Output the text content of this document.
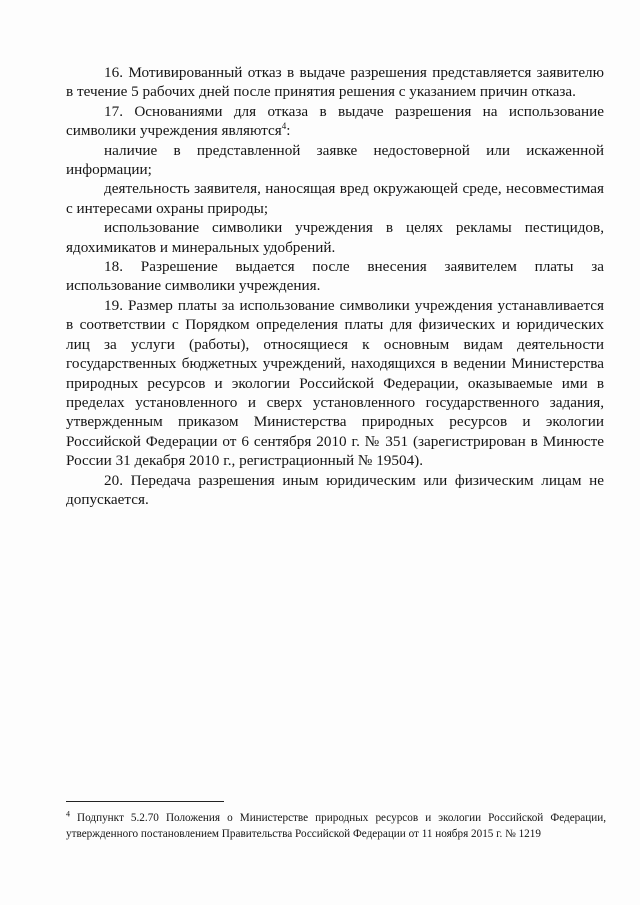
16. Мотивированный отказ в выдаче разрешения представляется заявителю в течение 5 рабочих дней после принятия решения с указанием причин отказа.

17. Основаниями для отказа в выдаче разрешения на использование символики учреждения являются$^4$:

наличие в представленной заявке недостоверной или искаженной информации;

деятельность заявителя, наносящая вред окружающей среде, несовместимая с интересами охраны природы;

использование символики учреждения в целях рекламы пестицидов, ядохимикатов и минеральных удобрений.

18. Разрешение выдается после внесения заявителем платы за использование символики учреждения.

19. Размер платы за использование символики учреждения устанавливается в соответствии с Порядком определения платы для физических и юридических лиц за услуги (работы), относящиеся к основным видам деятельности государственных бюджетных учреждений, находящихся в ведении Министерства природных ресурсов и экологии Российской Федерации, оказываемые ими в пределах установленного и сверх установленного государственного задания, утвержденным приказом Министерства природных ресурсов и экологии Российской Федерации от 6 сентября 2010 г. № 351 (зарегистрирован в Минюсте России 31 декабря 2010 г., регистрационный № 19504).

20. Передача разрешения иным юридическим или физическим лицам не допускается.

$^4$ Подпункт 5.2.70 Положения о Министерстве природных ресурсов и экологии Российской Федерации, утвержденного постановлением Правительства Российской Федерации от 11 ноября 2015 г. № 1219
